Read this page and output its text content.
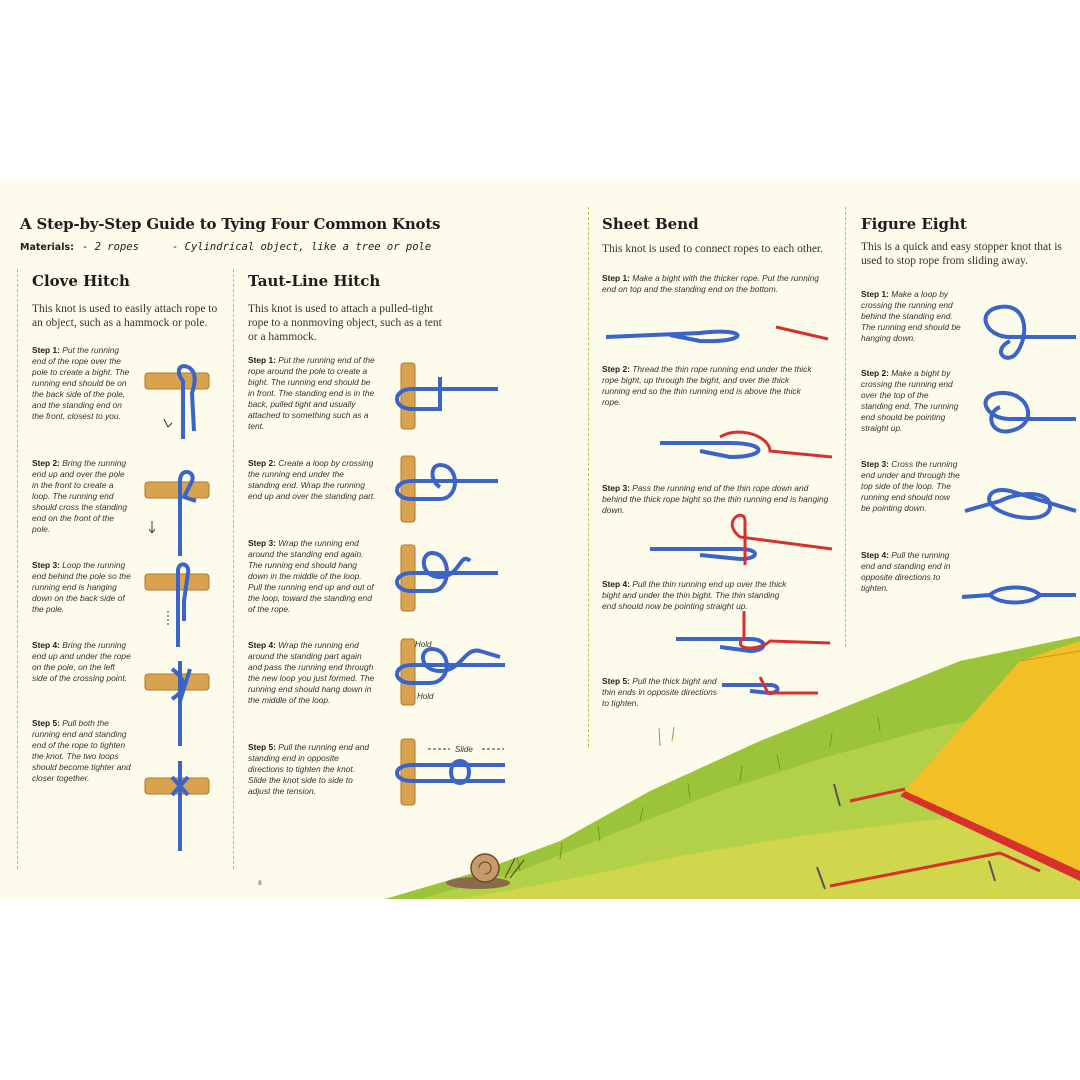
A Step-by-Step Guide to Tying Four Common Knots
Materials: - 2 ropes	- Cylindrical object, like a tree or pole
Clove Hitch
This knot is used to easily attach rope to an object, such as a hammock or pole.
Step 1: Put the running end of the rope over the pole to create a bight. The running end should be on the back side of the pole, and the standing end on the front, closest to you.
Step 2: Bring the running end up and over the pole in the front to create a loop. The running end should cross the standing end on the front of the pole.
Step 3: Loop the running end behind the pole so the running end is hanging down on the back side of the pole.
Step 4: Bring the running end up and under the rope on the pole, on the left side of the crossing point.
Step 5: Pull both the running end and standing end of the rope to tighten the knot. The two loops should become tighter and closer together.
Taut-Line Hitch
This knot is used to attach a pulled-tight rope to a nonmoving object, such as a tent or a hammock.
Step 1: Put the running end of the rope around the pole to create a bight. The running end should be in front. The standing end is in the back, pulled tight and usually attached to something such as a tent.
Step 2: Create a loop by crossing the running end under the standing end. Wrap the running end up and over the standing part.
Step 3: Wrap the running end around the standing end again. The running end should hang down in the middle of the loop. Pull the running end up and out of the loop, toward the standing end of the rope.
Step 4: Wrap the running end around the standing part again and pass the running end through the new loop you just formed. The running end should hang down in the middle of the loop.
Step 5: Pull the running end and standing end in opposite directions to tighten the knot. Slide the knot side to side to adjust the tension.
Sheet Bend
This knot is used to connect ropes to each other.
Step 1: Make a bight with the thicker rope. Put the running end on top and the standing end on the bottom.
Step 2: Thread the thin rope running end under the thick rope bight, up through the bight, and over the thick running end so the thin running end is above the thick rope.
Step 3: Pass the running end of the thin rope down and behind the thick rope bight so the thin running end is hanging down.
Step 4: Pull the thin running end up over the thick bight and under the thin bight. The thin standing end should now be pointing straight up.
Step 5: Pull the thick bight and thin ends in opposite directions to tighten.
Figure Eight
This is a quick and easy stopper knot that is used to stop rope from sliding away.
Step 1: Make a loop by crossing the running end behind the standing end. The running end should be hanging down.
Step 2: Make a bight by crossing the running end over the top of the standing end. The running end should be pointing straight up.
Step 3: Cross the running end under and through the top side of the loop. The running end should now be pointing down.
Step 4: Pull the running end and standing end in opposite directions to tighten.
8
Hold
Hold
Slide
